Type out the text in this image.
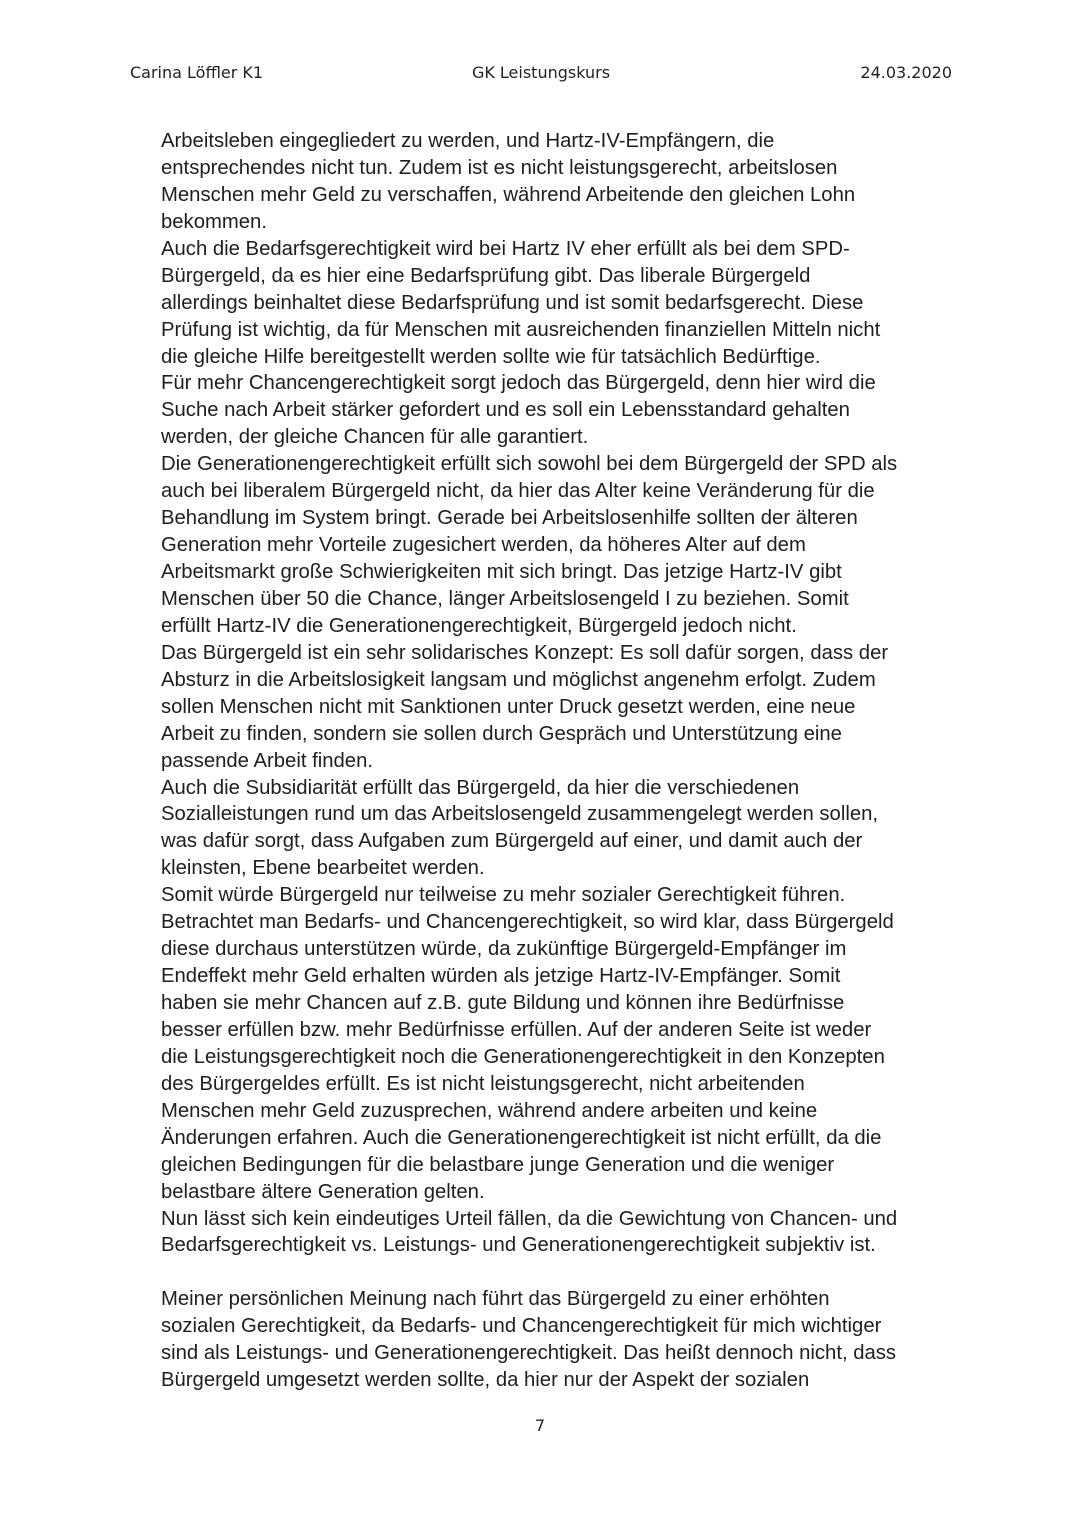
Carina Löffler K1	GK Leistungskurs	24.03.2020
Arbeitsleben eingegliedert zu werden, und Hartz-IV-Empfängern, die
entsprechendes nicht tun. Zudem ist es nicht leistungsgerecht, arbeitslosen
Menschen mehr Geld zu verschaffen, während Arbeitende den gleichen Lohn
bekommen.
Auch die Bedarfsgerechtigkeit wird bei Hartz IV eher erfüllt als bei dem SPD-
Bürgergeld, da es hier eine Bedarfsprüfung gibt. Das liberale Bürgergeld
allerdings beinhaltet diese Bedarfsprüfung und ist somit bedarfsgerecht. Diese
Prüfung ist wichtig, da für Menschen mit ausreichenden finanziellen Mitteln nicht
die gleiche Hilfe bereitgestellt werden sollte wie für tatsächlich Bedürftige.
Für mehr Chancengerechtigkeit sorgt jedoch das Bürgergeld, denn hier wird die
Suche nach Arbeit stärker gefordert und es soll ein Lebensstandard gehalten
werden, der gleiche Chancen für alle garantiert.
Die Generationengerechtigkeit erfüllt sich sowohl bei dem Bürgergeld der SPD als
auch bei liberalem Bürgergeld nicht, da hier das Alter keine Veränderung für die
Behandlung im System bringt. Gerade bei Arbeitslosenhilfe sollten der älteren
Generation mehr Vorteile zugesichert werden, da höheres Alter auf dem
Arbeitsmarkt große Schwierigkeiten mit sich bringt. Das jetzige Hartz-IV gibt
Menschen über 50 die Chance, länger Arbeitslosengeld I zu beziehen. Somit
erfüllt Hartz-IV die Generationengerechtigkeit, Bürgergeld jedoch nicht.
Das Bürgergeld ist ein sehr solidarisches Konzept: Es soll dafür sorgen, dass der
Absturz in die Arbeitslosigkeit langsam und möglichst angenehm erfolgt. Zudem
sollen Menschen nicht mit Sanktionen unter Druck gesetzt werden, eine neue
Arbeit zu finden, sondern sie sollen durch Gespräch und Unterstützung eine
passende Arbeit finden.
Auch die Subsidiarität erfüllt das Bürgergeld, da hier die verschiedenen
Sozialleistungen rund um das Arbeitslosengeld zusammengelegt werden sollen,
was dafür sorgt, dass Aufgaben zum Bürgergeld auf einer, und damit auch der
kleinsten, Ebene bearbeitet werden.
Somit würde Bürgergeld nur teilweise zu mehr sozialer Gerechtigkeit führen.
Betrachtet man Bedarfs- und Chancengerechtigkeit, so wird klar, dass Bürgergeld
diese durchaus unterstützen würde, da zukünftige Bürgergeld-Empfänger im
Endeffekt mehr Geld erhalten würden als jetzige Hartz-IV-Empfänger. Somit
haben sie mehr Chancen auf z.B. gute Bildung und können ihre Bedürfnisse
besser erfüllen bzw. mehr Bedürfnisse erfüllen. Auf der anderen Seite ist weder
die Leistungsgerechtigkeit noch die Generationengerechtigkeit in den Konzepten
des Bürgergeldes erfüllt. Es ist nicht leistungsgerecht, nicht arbeitenden
Menschen mehr Geld zuzusprechen, während andere arbeiten und keine
Änderungen erfahren. Auch die Generationengerechtigkeit ist nicht erfüllt, da die
gleichen Bedingungen für die belastbare junge Generation und die weniger
belastbare ältere Generation gelten.
Nun lässt sich kein eindeutiges Urteil fällen, da die Gewichtung von Chancen- und
Bedarfsgerechtigkeit vs. Leistungs- und Generationengerechtigkeit subjektiv ist.
Meiner persönlichen Meinung nach führt das Bürgergeld zu einer erhöhten
sozialen Gerechtigkeit, da Bedarfs- und Chancengerechtigkeit für mich wichtiger
sind als Leistungs- und Generationengerechtigkeit. Das heißt dennoch nicht, dass
Bürgergeld umgesetzt werden sollte, da hier nur der Aspekt der sozialen
7
